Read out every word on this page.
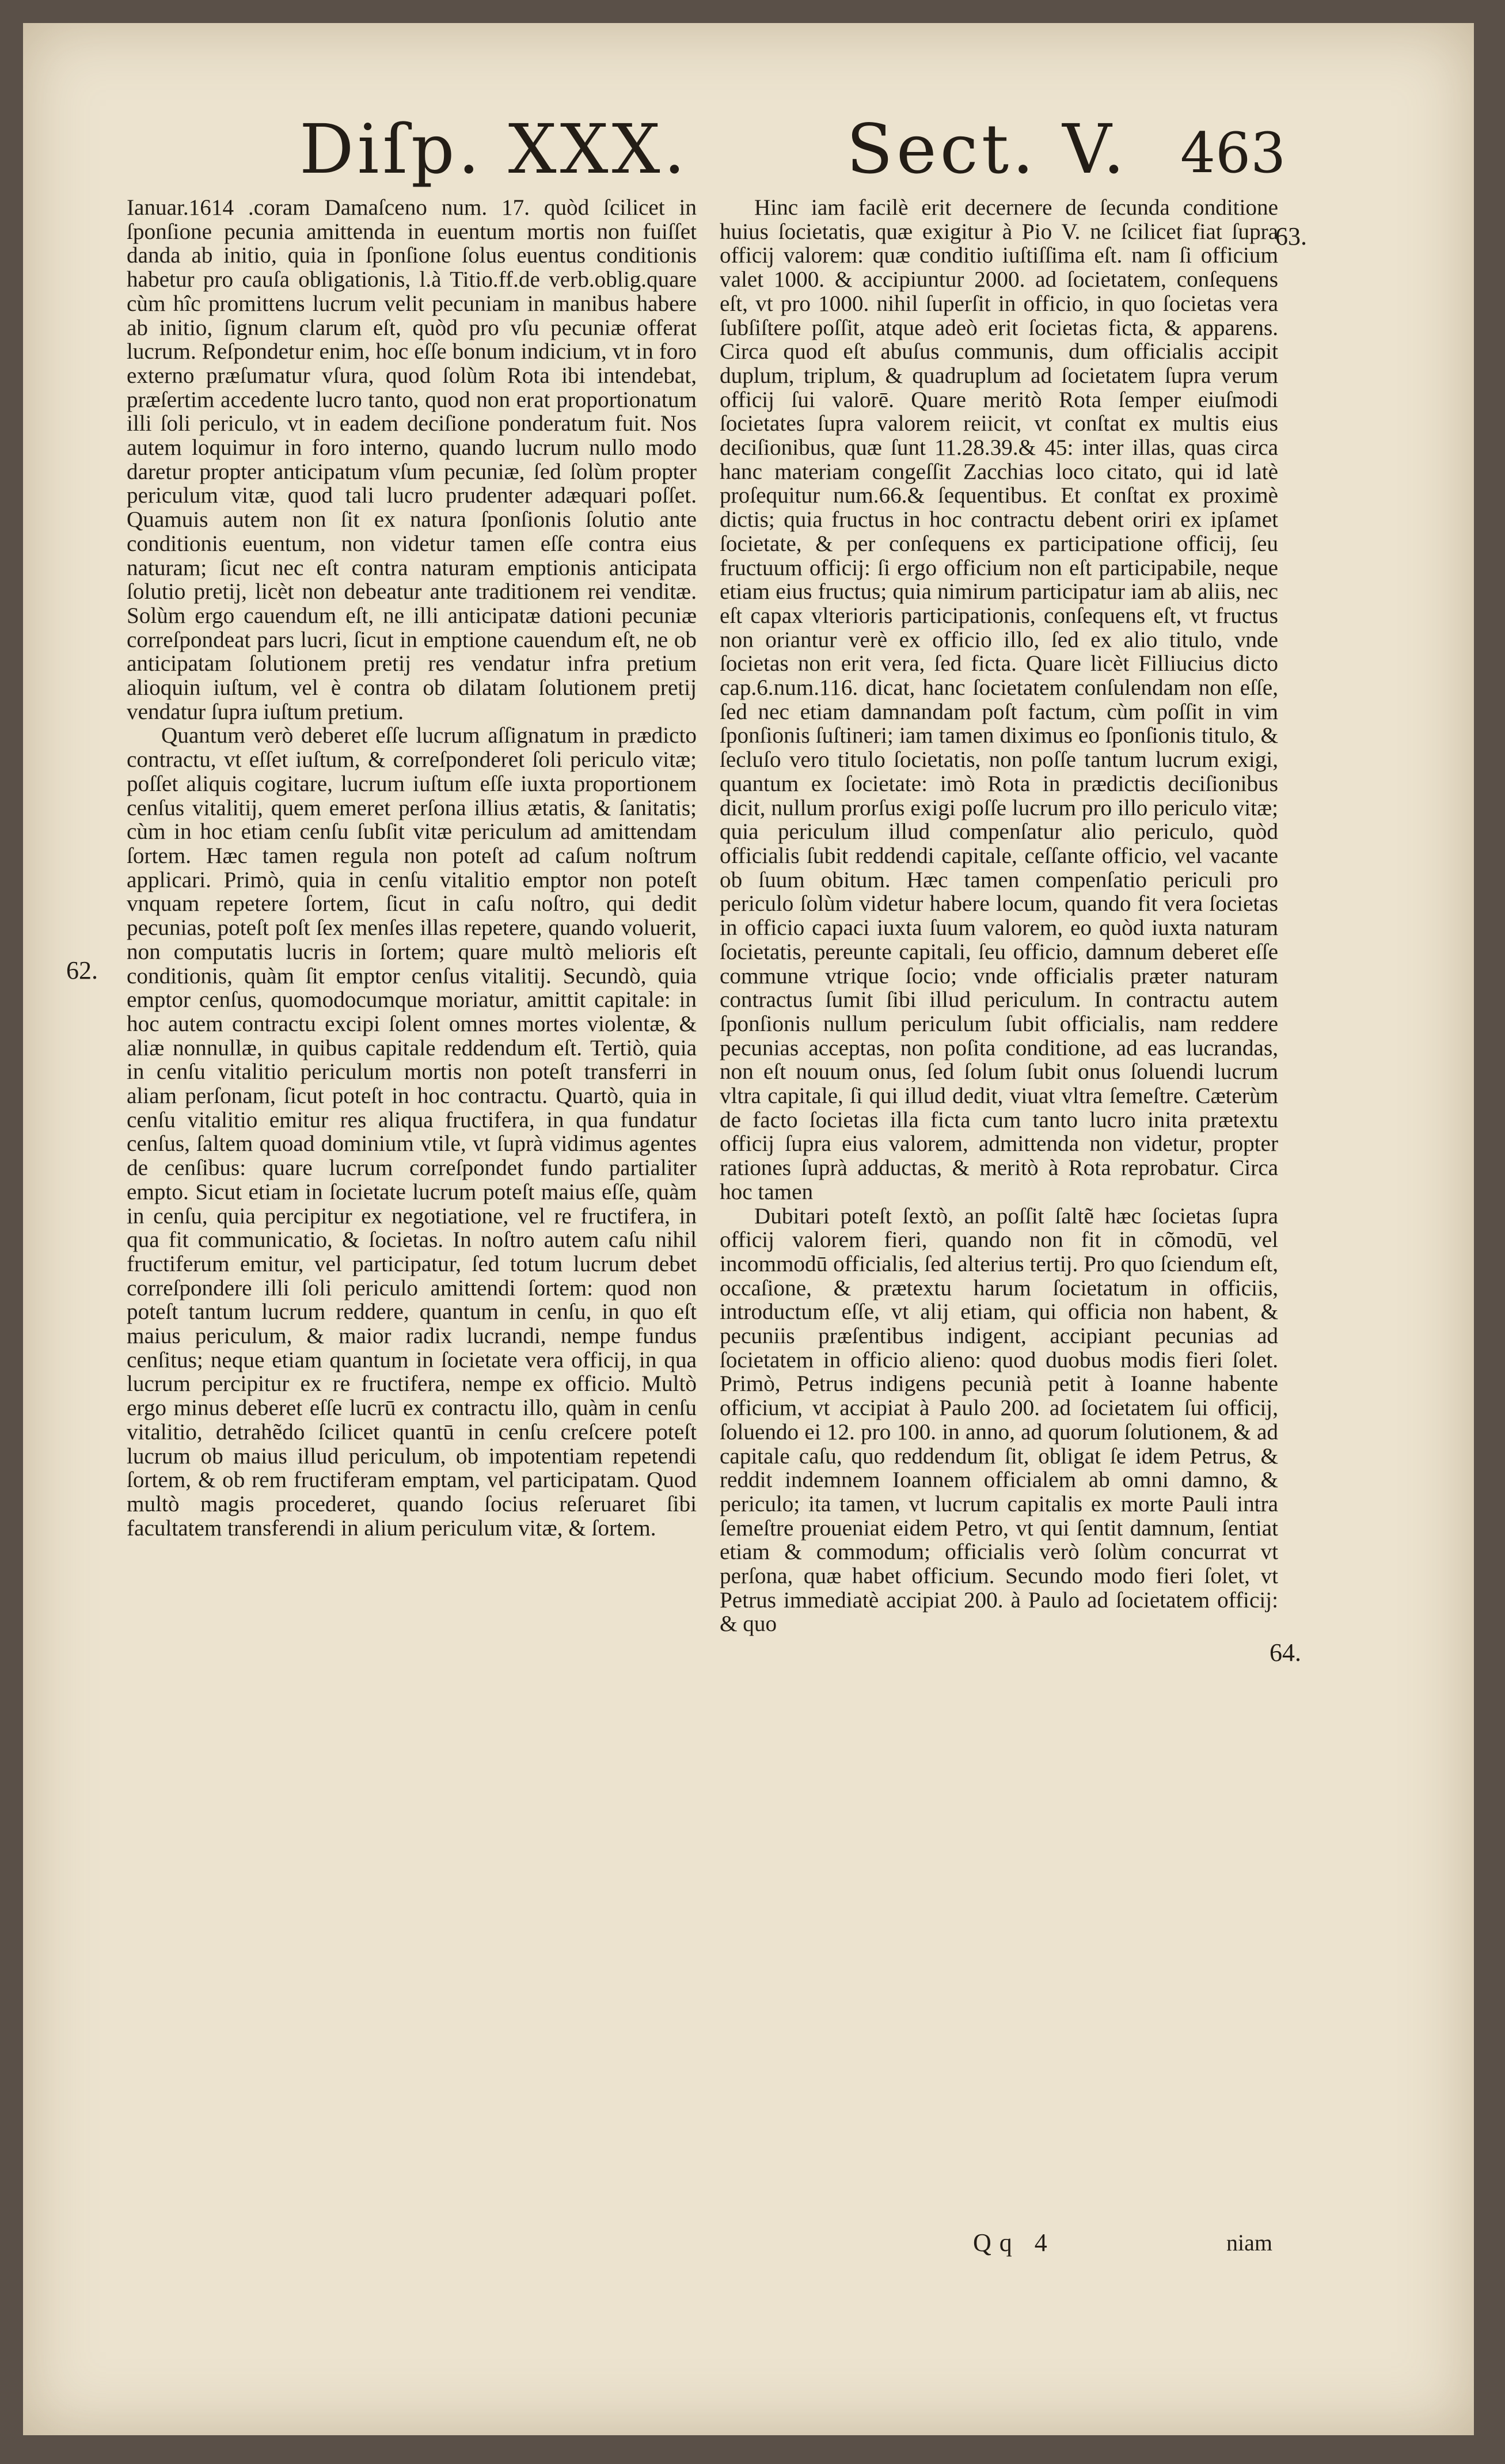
Diſp. XXX. Sect. V. 463

Ianuar.1614 .coram Damaſceno num. 17. quòd ſcilicet in ſponſione pecunia amittenda in euentum mortis non fuiſſet danda ab initio, quia in ſponſione ſolus euentus conditionis habetur pro cauſa obligationis, l.à Titio.ff.de verb.oblig.quare cùm hîc promittens lucrum velit pecuniam in manibus habere ab initio, ſignum clarum eſt, quòd pro vſu pecuniæ offerat lucrum. Reſpondetur enim, hoc eſſe bonum indicium, vt in foro externo præſumatur vſura, quod ſolùm Rota ibi intendebat, præſertim accedente lucro tanto, quod non erat proportionatum illi ſoli periculo, vt in eadem deciſione ponderatum fuit. Nos autem loquimur in foro interno, quando lucrum nullo modo daretur propter anticipatum vſum pecuniæ, ſed ſolùm propter periculum vitæ, quod tali lucro prudenter adæquari poſſet. Quamuis autem non ſit ex natura ſponſionis ſolutio ante conditionis euentum, non videtur tamen eſſe contra eius naturam; ſicut nec eſt contra naturam emptionis anticipata ſolutio pretij, licèt non debeatur ante traditionem rei venditæ. Solùm ergo cauendum eſt, ne illi anticipatæ dationi pecuniæ correſpondeat pars lucri, ſicut in emptione cauendum eſt, ne ob anticipatam ſolutionem pretij res vendatur infra pretium alioquin iuſtum, vel è contra ob dilatam ſolutionem pretij vendatur ſupra iuſtum pretium.

Quantum verò deberet eſſe lucrum aſſignatum in prædicto contractu, vt eſſet iuſtum, & correſponderet ſoli periculo vitæ; poſſet aliquis cogitare, lucrum iuſtum eſſe iuxta proportionem cenſus vitalitij, quem emeret perſona illius ætatis, & ſanitatis; cùm in hoc etiam cenſu ſubſit vitæ periculum ad amittendam ſortem. Hæc tamen regula non poteſt ad caſum noſtrum applicari. Primò, quia in cenſu vitalitio emptor non poteſt vnquam repetere ſortem, ſicut in caſu noſtro, qui dedit pecunias, poteſt poſt ſex menſes illas repetere, quando voluerit, non computatis lucris in ſortem; quare multò melioris eſt conditionis, quàm ſit emptor cenſus vitalitij. Secundò, quia emptor cenſus, quomodocumque moriatur, amittit capitale: in hoc autem contractu excipi ſolent omnes mortes violentæ, & aliæ nonnullæ, in quibus capitale reddendum eſt. Tertiò, quia in cenſu vitalitio periculum mortis non poteſt transferri in aliam perſonam, ſicut poteſt in hoc contractu. Quartò, quia in cenſu vitalitio emitur res aliqua fructifera, in qua fundatur cenſus, ſaltem quoad dominium vtile, vt ſuprà vidimus agentes de cenſibus: quare lucrum correſpondet fundo partialiter empto. Sicut etiam in ſocietate lucrum poteſt maius eſſe, quàm in cenſu, quia percipitur ex negotiatione, vel re fructifera, in qua fit communicatio, & ſocietas. In noſtro autem caſu nihil fructiferum emitur, vel participatur, ſed totum lucrum debet correſpondere illi ſoli periculo amittendi ſortem: quod non poteſt tantum lucrum reddere, quantum in cenſu, in quo eſt maius periculum, & maior radix lucrandi, nempe fundus cenſitus; neque etiam quantum in ſocietate vera officij, in qua lucrum percipitur ex re fructifera, nempe ex officio. Multò ergo minus deberet eſſe lucrū ex contractu illo, quàm in cenſu vitalitio, detrahẽdo ſcilicet quantū in cenſu creſcere poteſt lucrum ob maius illud periculum, ob impotentiam repetendi ſortem, & ob rem fructiferam emptam, vel participatam. Quod multò magis procederet, quando ſocius reſeruaret ſibi facultatem transferendi in alium periculum vitæ, & ſortem.

Hinc iam facilè erit decernere de ſecunda conditione huius ſocietatis, quæ exigitur à Pio V. ne ſcilicet fiat ſupra officij valorem: quæ conditio iuſtiſſima eſt. nam ſi officium valet 1000. & accipiuntur 2000. ad ſocietatem, conſequens eſt, vt pro 1000. nihil ſuperſit in officio, in quo ſocietas vera ſubſiſtere poſſit, atque adeò erit ſocietas ficta, & apparens. Circa quod eſt abuſus communis, dum officialis accipit duplum, triplum, & quadruplum ad ſocietatem ſupra verum officij ſui valorē. Quare meritò Rota ſemper eiuſmodi ſocietates ſupra valorem reiicit, vt conſtat ex multis eius deciſionibus, quæ ſunt 11.28.39.& 45: inter illas, quas circa hanc materiam congeſſit Zacchias loco citato, qui id latè proſequitur num.66.& ſequentibus. Et conſtat ex proximè dictis; quia fructus in hoc contractu debent oriri ex ipſamet ſocietate, & per conſequens ex participatione officij, ſeu fructuum officij: ſi ergo officium non eſt participabile, neque etiam eius fructus; quia nimirum participatur iam ab aliis, nec eſt capax vlterioris participationis, conſequens eſt, vt fructus non oriantur verè ex officio illo, ſed ex alio titulo, vnde ſocietas non erit vera, ſed ficta. Quare licèt Filliucius dicto cap.6.num.116. dicat, hanc ſocietatem conſulendam non eſſe, ſed nec etiam damnandam poſt factum, cùm poſſit in vim ſponſionis ſuſtineri; iam tamen diximus eo ſponſionis titulo, & ſecluſo vero titulo ſocietatis, non poſſe tantum lucrum exigi, quantum ex ſocietate: imò Rota in prædictis deciſionibus dicit, nullum prorſus exigi poſſe lucrum pro illo periculo vitæ; quia periculum illud compenſatur alio periculo, quòd officialis ſubit reddendi capitale, ceſſante officio, vel vacante ob ſuum obitum. Hæc tamen compenſatio periculi pro periculo ſolùm videtur habere locum, quando fit vera ſocietas in officio capaci iuxta ſuum valorem, eo quòd iuxta naturam ſocietatis, pereunte capitali, ſeu officio, damnum deberet eſſe commune vtrique ſocio; vnde officialis præter naturam contractus ſumit ſibi illud periculum. In contractu autem ſponſionis nullum periculum ſubit officialis, nam reddere pecunias acceptas, non poſita conditione, ad eas lucrandas, non eſt nouum onus, ſed ſolum ſubit onus ſoluendi lucrum vltra capitale, ſi qui illud dedit, viuat vltra ſemeſtre. Cæterùm de facto ſocietas illa ficta cum tanto lucro inita prætextu officij ſupra eius valorem, admittenda non videtur, propter rationes ſuprà adductas, & meritò à Rota reprobatur. Circa hoc tamen

Dubitari poteſt ſextò, an poſſit ſaltẽ hæc ſocietas ſupra officij valorem fieri, quando non fit in cõmodū, vel incommodū officialis, ſed alterius tertij. Pro quo ſciendum eſt, occaſione, & prætextu harum ſocietatum in officiis, introductum eſſe, vt alij etiam, qui officia non habent, & pecuniis præſentibus indigent, accipiant pecunias ad ſocietatem in officio alieno: quod duobus modis fieri ſolet. Primò, Petrus indigens pecunià petit à Ioanne habente officium, vt accipiat à Paulo 200. ad ſocietatem ſui officij, ſoluendo ei 12. pro 100. in anno, ad quorum ſolutionem, & ad capitale caſu, quo reddendum ſit, obligat ſe idem Petrus, & reddit indemnem Ioannem officialem ab omni damno, & periculo; ita tamen, vt lucrum capitalis ex morte Pauli intra ſemeſtre proueniat eidem Petro, vt qui ſentit damnum, ſentiat etiam & commodum; officialis verò ſolùm concurrat vt perſona, quæ habet officium. Secundo modo fieri ſolet, vt Petrus immediatè accipiat 200. à Paulo ad ſocietatem officij: & quo

62.
63.
64.
Qq 4	niam
